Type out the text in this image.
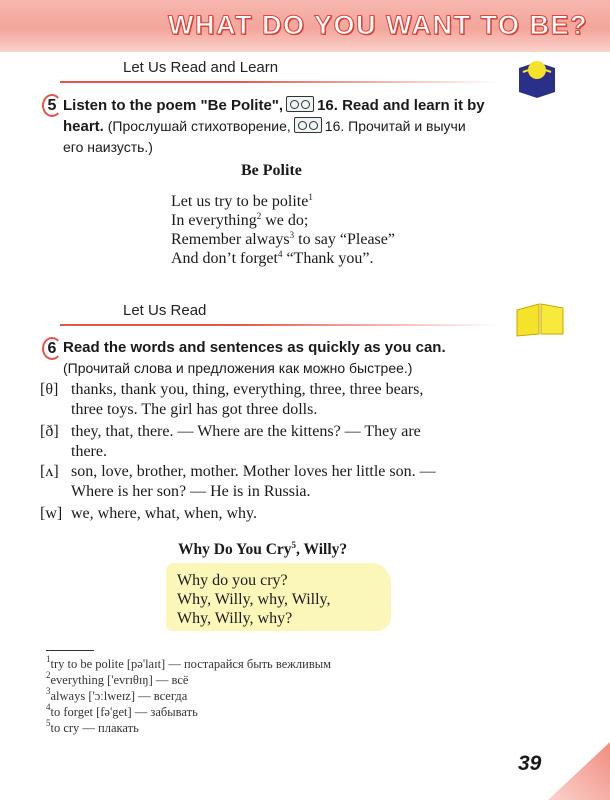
WHAT DO YOU WANT TO BE?
Let Us Read and Learn
5 Listen to the poem "Be Polite", 16. Read and learn it by
heart. (Прослушай стихотворение, 16. Прочитай и выучи
его наизусть.)
Be Polite
Let us try to be polite$^1$
In everything$^2$ we do;
Remember always$^3$ to say “Please”
And don’t forget$^4$ “Thank you”.
Let Us Read
6 Read the words and sentences as quickly as you can.
(Прочитай слова и предложения как можно быстрее.)
[θ] thanks, thank you, thing, everything, three, three bears,
three toys. The girl has got three dolls.
[ð] they, that, there. — Where are the kittens? — They are
there.
[ʌ] son, love, brother, mother. Mother loves her little son. —
Where is her son? — He is in Russia.
[w] we, where, what, when, why.
Why Do You Cry$^5$, Willy?
Why do you cry?
Why, Willy, why, Willy,
Why, Willy, why?
$^1$try to be polite [pə'laɪt] — постарайся быть вежливым
$^2$everything ['evrɪθɪŋ] — всё
$^3$always ['ɔːlweɪz] — всегда
$^4$to forget [fə'get] — забывать
$^5$to cry — плакать
39
